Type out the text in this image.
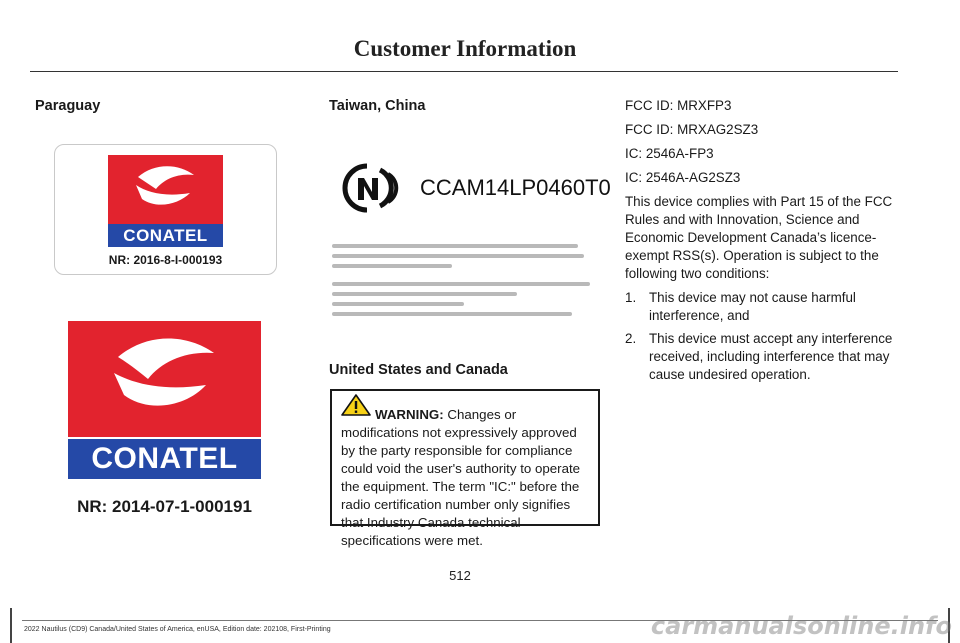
Customer Information
Paraguay
CONATEL
NR: 2016-8-I-000193
CONATEL
NR: 2014-07-1-000191
Taiwan, China
CCAM14LP0460T0
United States and Canada
WARNING: Changes or modifications not expressively approved by the party responsible for compliance could void the user's authority to operate the equipment. The term "IC:" before the radio certification number only signifies that Industry Canada technical specifications were met.

FCC ID: MRXFP3

FCC ID: MRXAG2SZ3

IC: 2546A-FP3

IC: 2546A-AG2SZ3

This device complies with Part 15 of the FCC Rules and with Innovation, Science and Economic Development Canada’s licence-exempt RSS(s). Operation is subject to the following two conditions:

1. This device may not cause harmful interference, and
2. This device must accept any interference received, including interference that may cause undesired operation.
512
2022 Nautilus (CD9) Canada/United States of America, enUSA, Edition date: 202108, First-Printing	carmanualsonline.info
